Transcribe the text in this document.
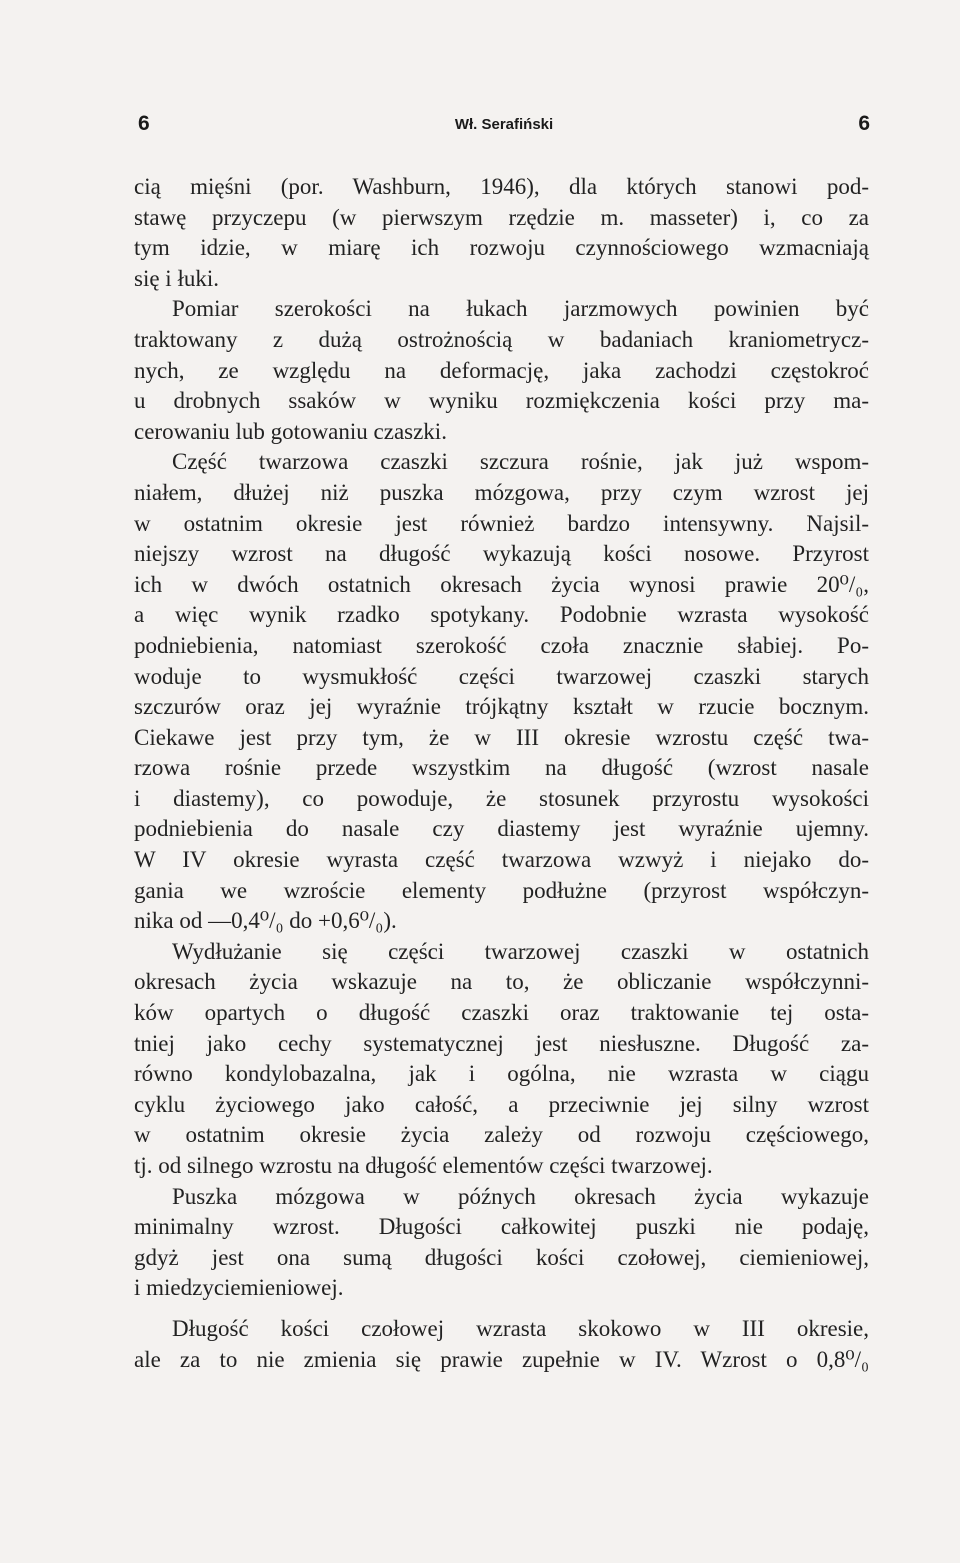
6	Wł. Serafiński	6
cią mięśni (por. Washburn, 1946), dla których stanowi pod-
stawę przyczepu (w pierwszym rzędzie m. masseter) i, co za
tym idzie, w miarę ich rozwoju czynnościowego wzmacniają
się i łuki.
Pomiar szerokości na łukach jarzmowych powinien być
traktowany z dużą ostrożnością w badaniach kraniometrycz-
nych, ze względu na deformację, jaka zachodzi częstokroć
u drobnych ssaków w wyniku rozmiękczenia kości przy ma-
cerowaniu lub gotowaniu czaszki.
Część twarzowa czaszki szczura rośnie, jak już wspom-
niałem, dłużej niż puszka mózgowa, przy czym wzrost jej
w ostatnim okresie jest również bardzo intensywny. Najsil-
niejszy wzrost na długość wykazują kości nosowe. Przyrost
ich w dwóch ostatnich okresach życia wynosi prawie 20⁰/₀,
a więc wynik rzadko spotykany. Podobnie wzrasta wysokość
podniebienia, natomiast szerokość czoła znacznie słabiej. Po-
woduje to wysmukłość części twarzowej czaszki starych
szczurów oraz jej wyraźnie trójkątny kształt w rzucie bocznym.
Ciekawe jest przy tym, że w III okresie wzrostu część twa-
rzowa rośnie przede wszystkim na długość (wzrost nasale
i diastemy), co powoduje, że stosunek przyrostu wysokości
podniebienia do nasale czy diastemy jest wyraźnie ujemny.
W IV okresie wyrasta część twarzowa wzwyż i niejako do-
gania we wzroście elementy podłużne (przyrost współczyn-
nika od —0,4⁰/₀ do +0,6⁰/₀).
Wydłużanie się części twarzowej czaszki w ostatnich
okresach życia wskazuje na to, że obliczanie współczynni-
ków opartych o długość czaszki oraz traktowanie tej osta-
tniej jako cechy systematycznej jest niesłuszne. Długość za-
równo kondylobazalna, jak i ogólna, nie wzrasta w ciągu
cyklu życiowego jako całość, a przeciwnie jej silny wzrost
w ostatnim okresie życia zależy od rozwoju częściowego,
tj. od silnego wzrostu na długość elementów części twarzowej.
Puszka mózgowa w późnych okresach życia wykazuje
minimalny wzrost. Długości całkowitej puszki nie podaję,
gdyż jest ona sumą długości kości czołowej, ciemieniowej,
i miedzyciemieniowej.
Długość kości czołowej wzrasta skokowo w III okresie,
ale za to nie zmienia się prawie zupełnie w IV. Wzrost o 0,8⁰/₀
